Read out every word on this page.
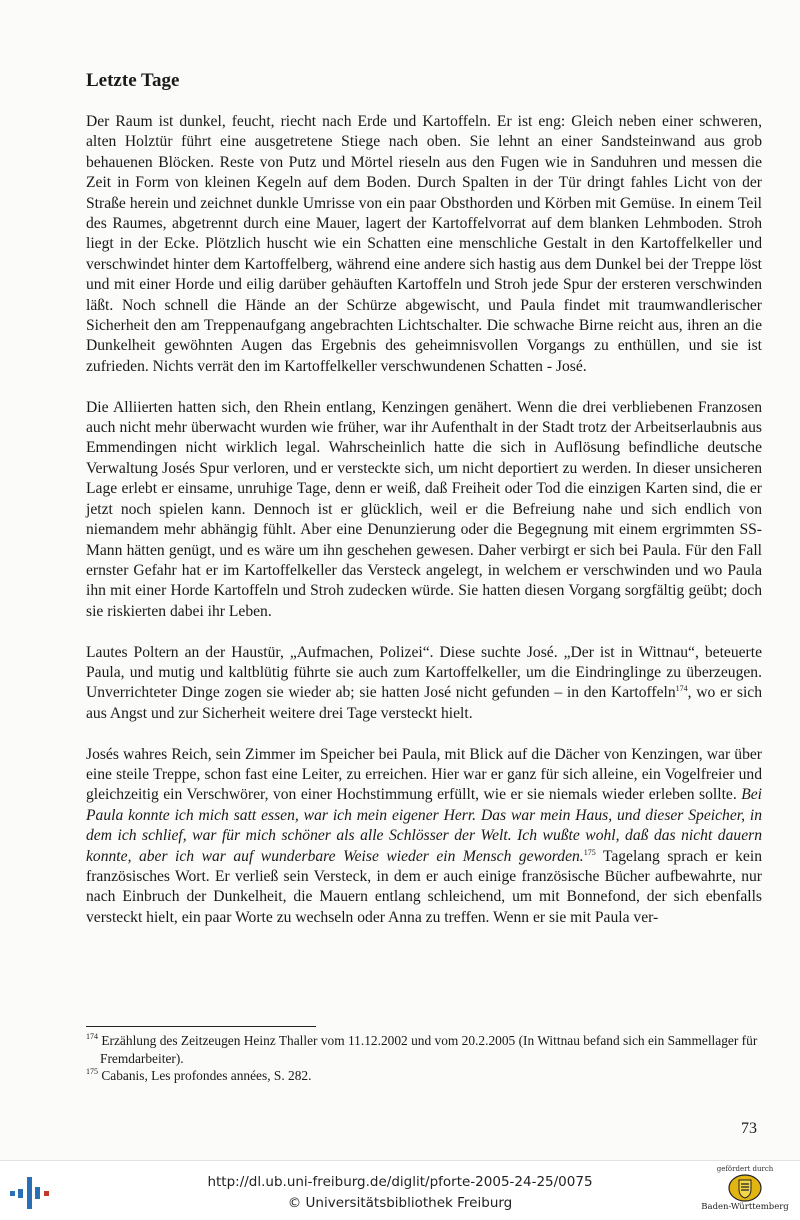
Letzte Tage

Der Raum ist dunkel, feucht, riecht nach Erde und Kartoffeln. Er ist eng: Gleich neben einer schweren, alten Holztür führt eine ausgetretene Stiege nach oben. Sie lehnt an einer Sandsteinwand aus grob behauenen Blöcken. Reste von Putz und Mörtel rieseln aus den Fugen wie in Sanduhren und messen die Zeit in Form von kleinen Kegeln auf dem Boden. Durch Spalten in der Tür dringt fahles Licht von der Straße herein und zeichnet dunkle Umrisse von ein paar Obsthorden und Körben mit Gemüse. In einem Teil des Raumes, abgetrennt durch eine Mauer, lagert der Kartoffelvorrat auf dem blanken Lehmboden. Stroh liegt in der Ecke. Plötzlich huscht wie ein Schatten eine menschliche Gestalt in den Kartoffelkeller und verschwindet hinter dem Kartoffelberg, während eine andere sich hastig aus dem Dunkel bei der Treppe löst und mit einer Horde und eilig darüber gehäuften Kartoffeln und Stroh jede Spur der ersteren verschwinden läßt. Noch schnell die Hände an der Schürze abgewischt, und Paula findet mit traumwandlerischer Sicherheit den am Treppenaufgang angebrachten Lichtschalter. Die schwache Birne reicht aus, ihren an die Dunkelheit gewöhnten Augen das Ergebnis des geheimnisvollen Vorgangs zu enthüllen, und sie ist zufrieden. Nichts verrät den im Kartoffelkeller verschwundenen Schatten - José.

Die Alliierten hatten sich, den Rhein entlang, Kenzingen genähert. Wenn die drei verbliebenen Franzosen auch nicht mehr überwacht wurden wie früher, war ihr Aufenthalt in der Stadt trotz der Arbeitserlaubnis aus Emmendingen nicht wirklich legal. Wahrscheinlich hatte die sich in Auflösung befindliche deutsche Verwaltung Josés Spur verloren, und er versteckte sich, um nicht deportiert zu werden. In dieser unsicheren Lage erlebt er einsame, unruhige Tage, denn er weiß, daß Freiheit oder Tod die einzigen Karten sind, die er jetzt noch spielen kann. Dennoch ist er glücklich, weil er die Befreiung nahe und sich endlich von niemandem mehr abhängig fühlt. Aber eine Denunzierung oder die Begegnung mit einem ergrimmten SS-Mann hätten genügt, und es wäre um ihn geschehen gewesen. Daher verbirgt er sich bei Paula. Für den Fall ernster Gefahr hat er im Kartoffelkeller das Versteck angelegt, in welchem er verschwinden und wo Paula ihn mit einer Horde Kartoffeln und Stroh zudecken würde. Sie hatten diesen Vorgang sorgfältig geübt; doch sie riskierten dabei ihr Leben.

Lautes Poltern an der Haustür, „Aufmachen, Polizei“. Diese suchte José. „Der ist in Wittnau“, beteuerte Paula, und mutig und kaltblütig führte sie auch zum Kartoffelkeller, um die Eindringlinge zu überzeugen. Unverrichteter Dinge zogen sie wieder ab; sie hatten José nicht gefunden – in den Kartoffeln$^{174}$, wo er sich aus Angst und zur Sicherheit weitere drei Tage versteckt hielt.

Josés wahres Reich, sein Zimmer im Speicher bei Paula, mit Blick auf die Dächer von Kenzingen, war über eine steile Treppe, schon fast eine Leiter, zu erreichen. Hier war er ganz für sich alleine, ein Vogelfreier und gleichzeitig ein Verschwörer, von einer Hochstimmung erfüllt, wie er sie niemals wieder erleben sollte. Bei Paula konnte ich mich satt essen, war ich mein eigener Herr. Das war mein Haus, und dieser Speicher, in dem ich schlief, war für mich schöner als alle Schlösser der Welt. Ich wußte wohl, daß das nicht dauern konnte, aber ich war auf wunderbare Weise wieder ein Mensch geworden.$^{175}$ Tagelang sprach er kein französisches Wort. Er verließ sein Versteck, in dem er auch einige französische Bücher aufbewahrte, nur nach Einbruch der Dunkelheit, die Mauern entlang schleichend, um mit Bonnefond, der sich ebenfalls versteckt hielt, ein paar Worte zu wechseln oder Anna zu treffen. Wenn er sie mit Paula ver-

$^{174}$ Erzählung des Zeitzeugen Heinz Thaller vom 11.12.2002 und vom 20.2.2005 (In Wittnau befand sich ein Sammellager für Fremdarbeiter).
$^{175}$ Cabanis, Les profondes années, S. 282.
73
http://dl.ub.uni-freiburg.de/diglit/pforte-2005-24-25/0075
© Universitätsbibliothek Freiburg
gefördert durch
Baden-Württemberg
